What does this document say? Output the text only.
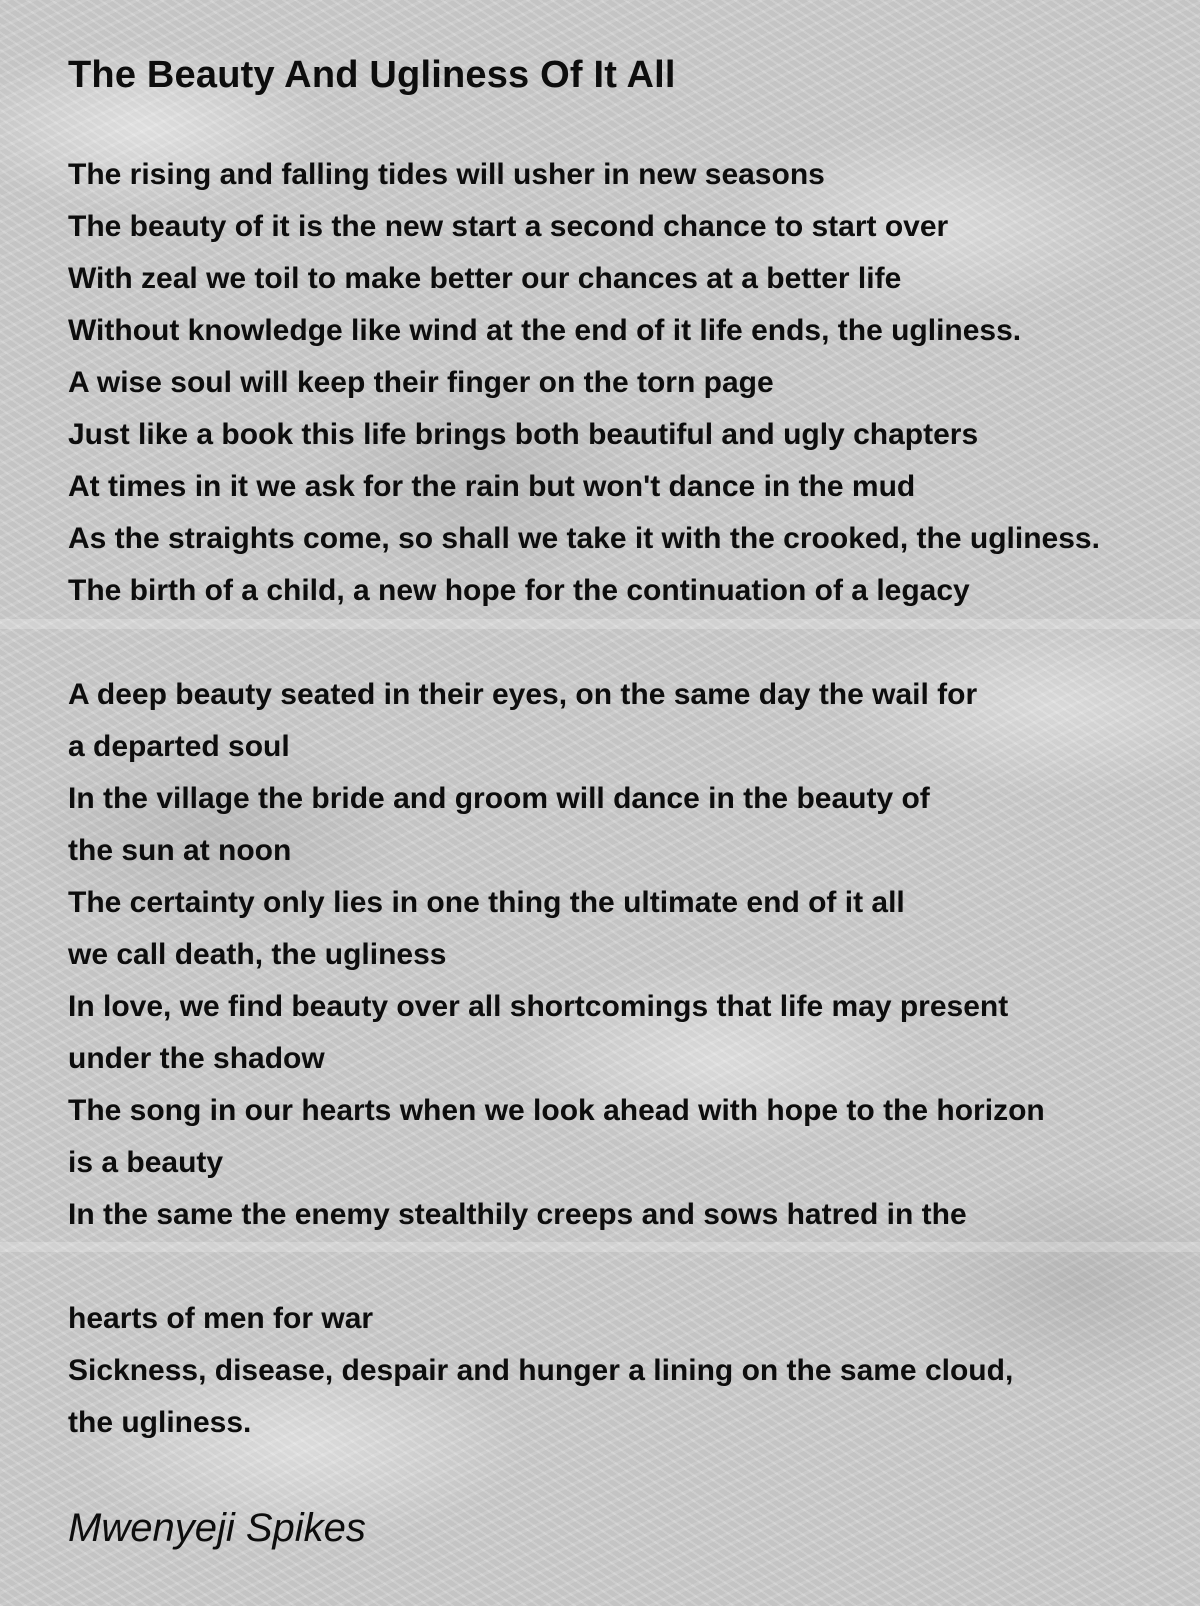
The Beauty And Ugliness Of It All
The rising and falling tides will usher in new seasons
The beauty of it is the new start a second chance to start over
With zeal we toil to make better our chances at a better life
Without knowledge like wind at the end of it life ends, the ugliness.
A wise soul will keep their finger on the torn page
Just like a book this life brings both beautiful and ugly chapters
At times in it we ask for the rain but won't dance in the mud
As the straights come, so shall we take it with the crooked, the ugliness.
The birth of a child, a new hope for the continuation of a legacy
A deep beauty seated in their eyes, on the same day the wail for
a departed soul
In the village the bride and groom will dance in the beauty of
the sun at noon
The certainty only lies in one thing the ultimate end of it all
we call death, the ugliness
In love, we find beauty over all shortcomings that life may present
under the shadow
The song in our hearts when we look ahead with hope to the horizon
is a beauty
In the same the enemy stealthily creeps and sows hatred in the
hearts of men for war
Sickness, disease, despair and hunger a lining on the same cloud,
the ugliness.
Mwenyeji Spikes
